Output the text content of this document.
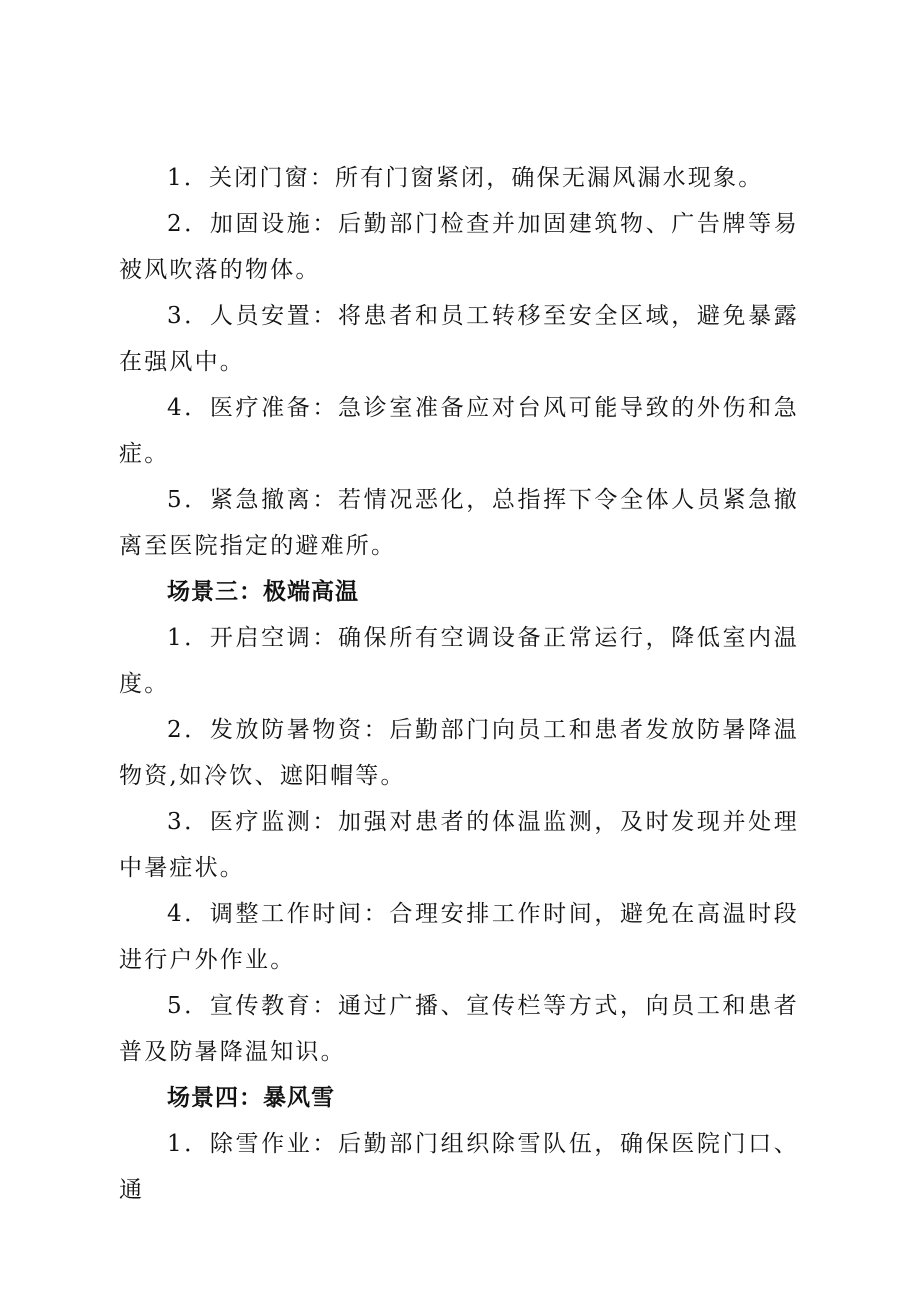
1．关闭门窗：所有门窗紧闭，确保无漏风漏水现象。

2．加固设施：后勤部门检查并加固建筑物、广告牌等易被风吹落的物体。

3．人员安置：将患者和员工转移至安全区域，避免暴露在强风中。

4．医疗准备：急诊室准备应对台风可能导致的外伤和急症。

5．紧急撤离：若情况恶化，总指挥下令全体人员紧急撤离至医院指定的避难所。

场景三：极端高温

1．开启空调：确保所有空调设备正常运行，降低室内温度。

2．发放防暑物资：后勤部门向员工和患者发放防暑降温物资,如冷饮、遮阳帽等。

3．医疗监测：加强对患者的体温监测，及时发现并处理中暑症状。

4．调整工作时间：合理安排工作时间，避免在高温时段进行户外作业。

5．宣传教育：通过广播、宣传栏等方式，向员工和患者普及防暑降温知识。

场景四：暴风雪

1．除雪作业：后勤部门组织除雪队伍，确保医院门口、通
